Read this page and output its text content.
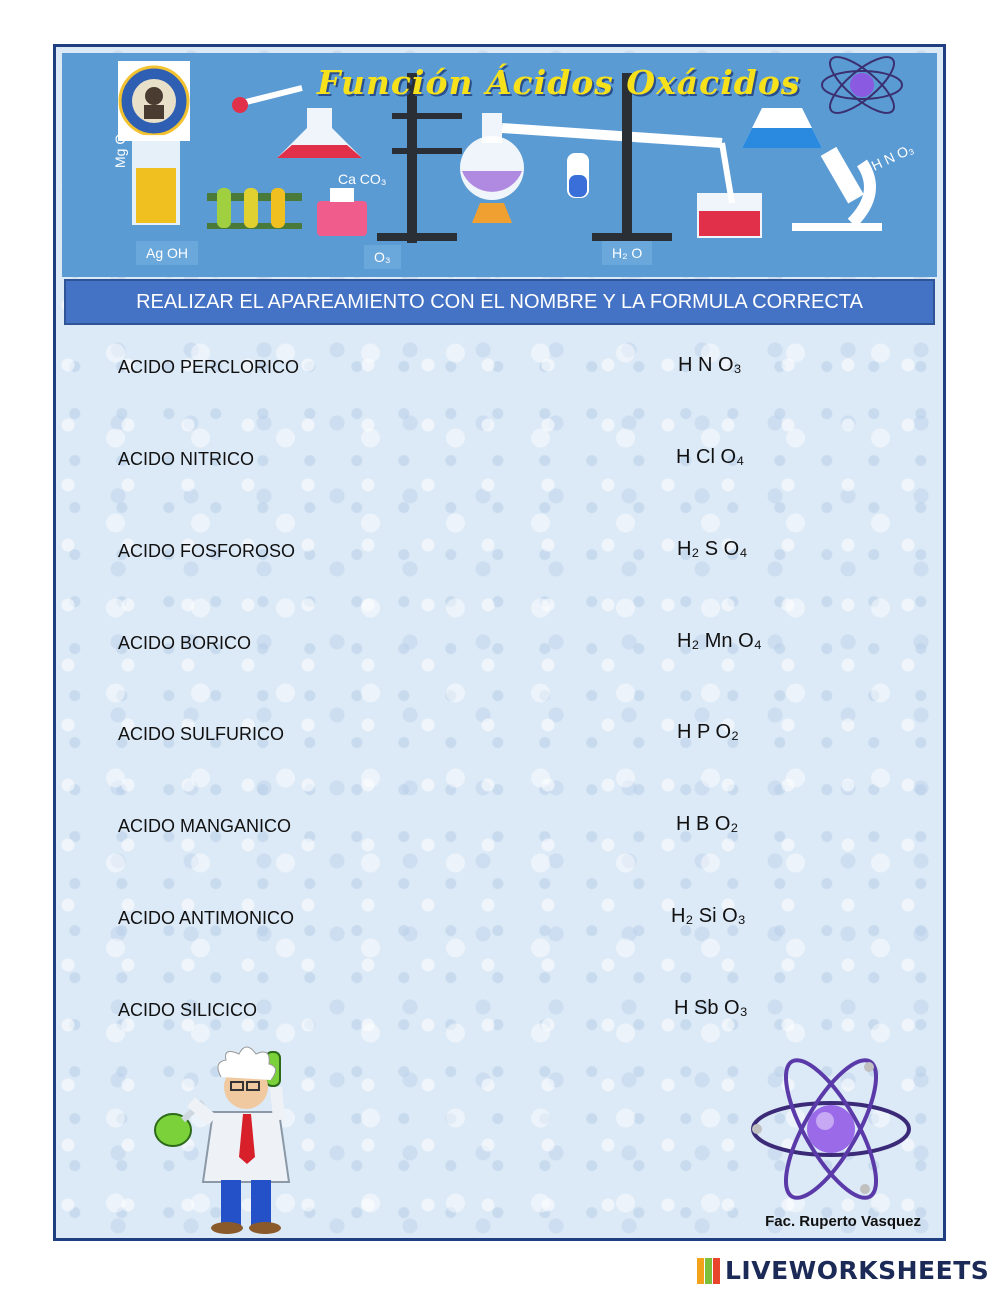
Función Ácidos Oxácidos
Mg O
Ca CO₃
Ag OH	O₃	H₂ O
H N O₃
REALIZAR EL APAREAMIENTO CON EL NOMBRE Y LA FORMULA CORRECTA
ACIDO PERCLORICO
ACIDO NITRICO
ACIDO FOSFOROSO
ACIDO BORICO
ACIDO SULFURICO
ACIDO MANGANICO
ACIDO ANTIMONICO
ACIDO SILICICO
H N O₃
H Cl O₄
H₂ S O₄
H₂ Mn O₄
H P O₂
H B O₂
H₂ Si O₃
H Sb O₃
Fac. Ruperto Vasquez
LIVEWORKSHEETS
